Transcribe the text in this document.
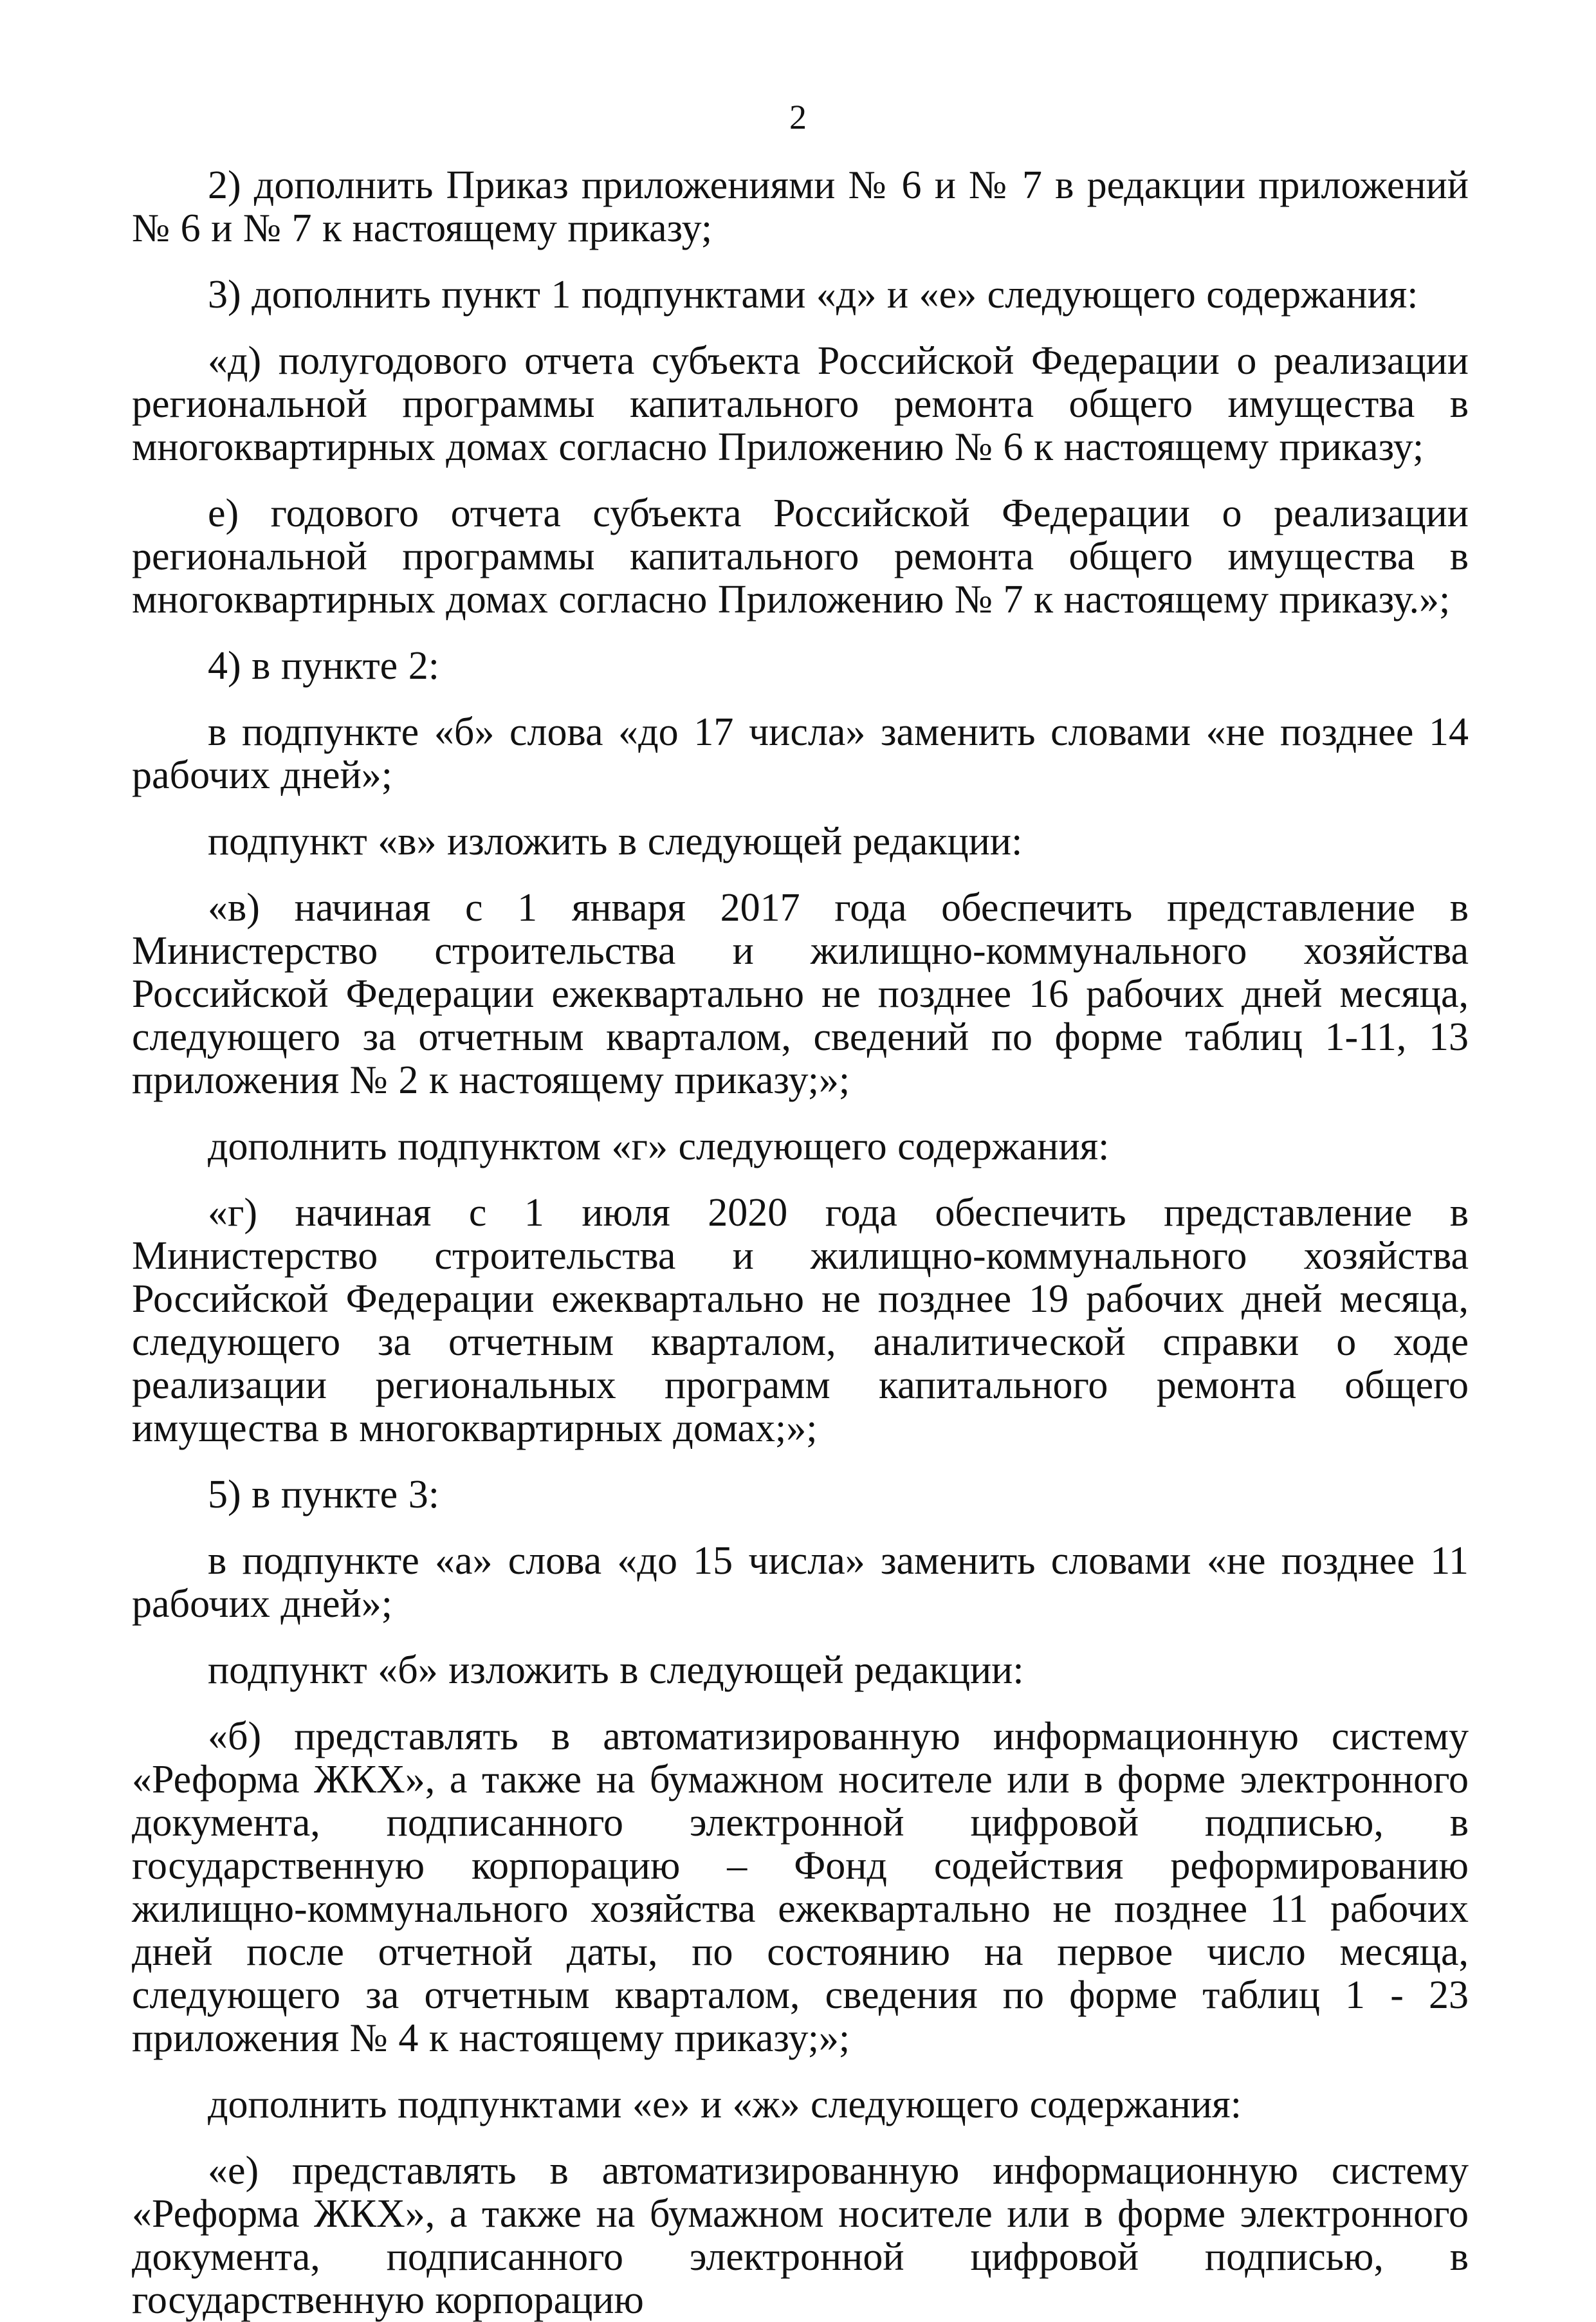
2

2) дополнить Приказ приложениями № 6 и № 7 в редакции приложений № 6 и № 7 к настоящему приказу;

3) дополнить пункт 1 подпунктами «д» и «е» следующего содержания:

«д) полугодового отчета субъекта Российской Федерации о реализации региональной программы капитального ремонта общего имущества в многоквартирных домах согласно Приложению № 6 к настоящему приказу;

е) годового отчета субъекта Российской Федерации о реализации региональной программы капитального ремонта общего имущества в многоквартирных домах согласно Приложению № 7 к настоящему приказу.»;

4) в пункте 2:

в подпункте «б» слова «до 17 числа» заменить словами «не позднее 14 рабочих дней»;

подпункт «в» изложить в следующей редакции:

«в) начиная с 1 января 2017 года обеспечить представление в Министерство строительства и жилищно-коммунального хозяйства Российской Федерации ежеквартально не позднее 16 рабочих дней месяца, следующего за отчетным кварталом, сведений по форме таблиц 1-11, 13 приложения № 2 к настоящему приказу;»;

дополнить подпунктом «г» следующего содержания:

«г) начиная с 1 июля 2020 года обеспечить представление в Министерство строительства и жилищно-коммунального хозяйства Российской Федерации ежеквартально не позднее 19 рабочих дней месяца, следующего за отчетным кварталом, аналитической справки о ходе реализации региональных программ капитального ремонта общего имущества в многоквартирных домах;»;

5) в пункте 3:

в подпункте «а» слова «до 15 числа» заменить словами «не позднее 11 рабочих дней»;

подпункт «б» изложить в следующей редакции:

«б) представлять в автоматизированную информационную систему «Реформа ЖКХ», а также на бумажном носителе или в форме электронного документа, подписанного электронной цифровой подписью, в государственную корпорацию – Фонд содействия реформированию жилищно-коммунального хозяйства ежеквартально не позднее 11 рабочих дней после отчетной даты, по состоянию на первое число месяца, следующего за отчетным кварталом, сведения по форме таблиц 1 - 23 приложения № 4 к настоящему приказу;»;

дополнить подпунктами «е» и «ж» следующего содержания:

«е) представлять в автоматизированную информационную систему «Реформа ЖКХ», а также на бумажном носителе или в форме электронного документа, подписанного электронной цифровой подписью, в государственную корпорацию
